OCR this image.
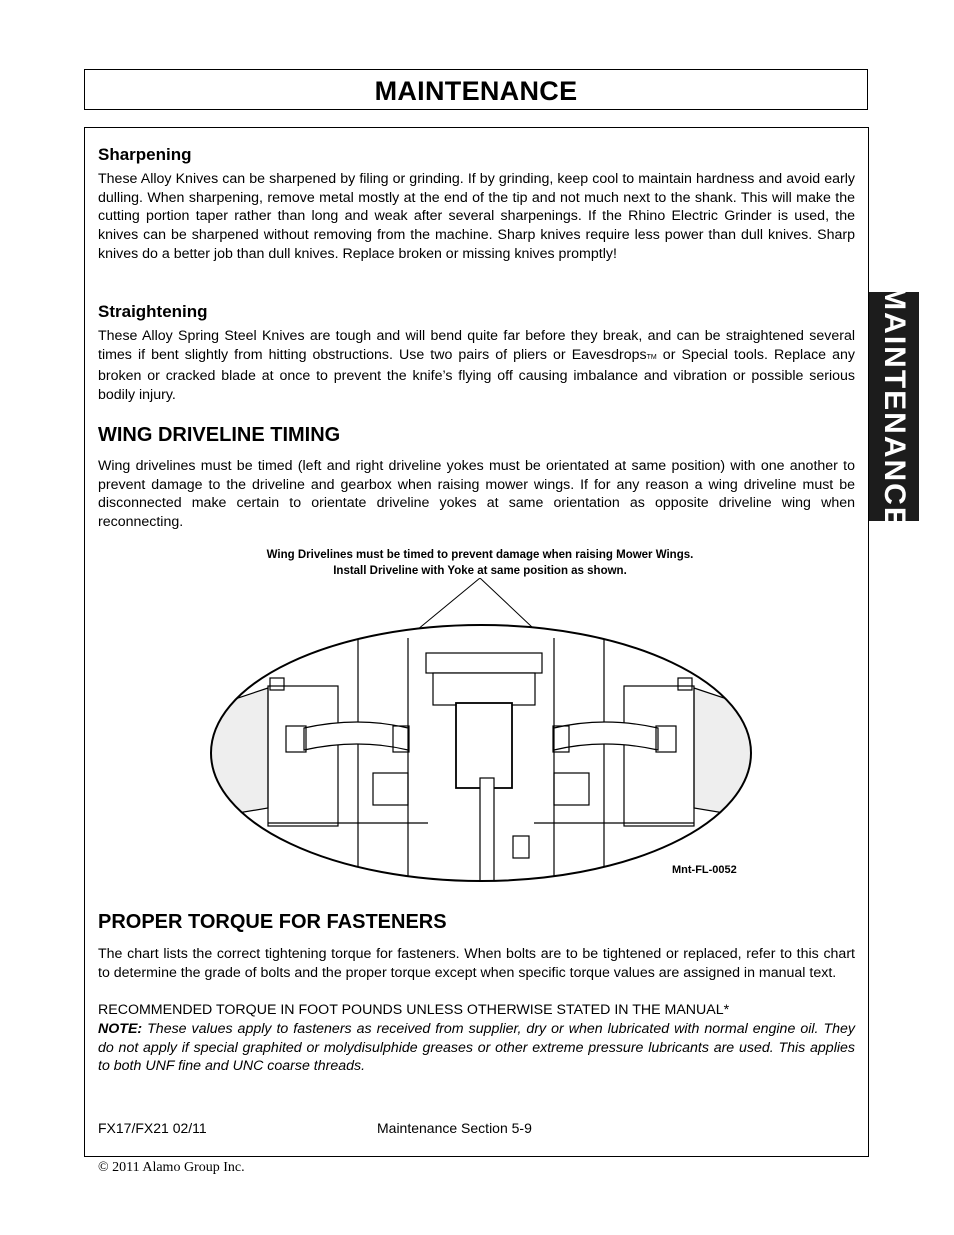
MAINTENANCE
MAINTENANCE
Sharpening

These Alloy Knives can be sharpened by filing or grinding. If by grinding, keep cool to maintain hardness and avoid early dulling. When sharpening, remove metal mostly at the end of the tip and not much next to the shank. This will make the cutting portion taper rather than long and weak after several sharpenings. If the Rhino Electric Grinder is used, the knives can be sharpened without removing from the machine. Sharp knives require less power than dull knives. Sharp knives do a better job than dull knives. Replace broken or missing knives promptly!

Straightening

These Alloy Spring Steel Knives are tough and will bend quite far before they break, and can be straightened several times if bent slightly from hitting obstructions. Use two pairs of pliers or EavesdropsTM or Special tools. Replace any broken or cracked blade at once to prevent the knife’s flying off causing imbalance and vibration or possible serious bodily injury.

WING DRIVELINE TIMING

Wing drivelines must be timed (left and right driveline yokes must be orientated at same position) with one another to prevent damage to the driveline and gearbox when raising mower wings. If for any reason a wing driveline must be disconnected make certain to orientate driveline yokes at same orientation as opposite driveline wing when reconnecting.

Wing Drivelines must be timed to prevent damage when raising Mower Wings.
Install Driveline with Yoke at same position as shown.
Mnt-FL-0052
PROPER TORQUE FOR FASTENERS

The chart lists the correct tightening torque for fasteners. When bolts are to be tightened or replaced, refer to this chart to determine the grade of bolts and the proper torque except when specific torque values are assigned in manual text.

RECOMMENDED TORQUE IN FOOT POUNDS UNLESS OTHERWISE STATED IN THE MANUAL*

NOTE: These values apply to fasteners as received from supplier, dry or when lubricated with normal engine oil. They do not apply if special graphited or molydisulphide greases or other extreme pressure lubricants are used. This applies to both UNF fine and UNC coarse threads.

FX17/FX21 02/11	Maintenance Section 5-9
© 2011 Alamo Group Inc.
